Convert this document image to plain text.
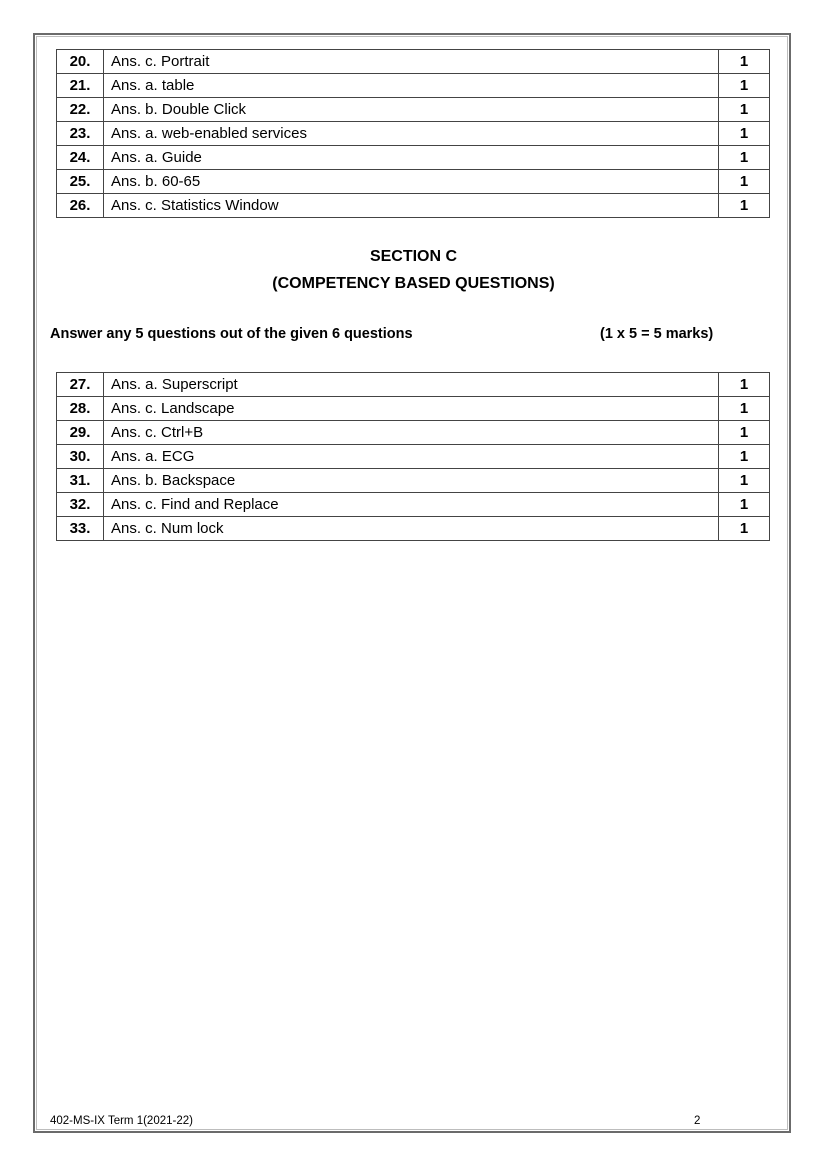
20.	Ans. c. Portrait	1
21.	Ans. a. table	1
22.	Ans. b. Double Click	1
23.	Ans. a. web-enabled services	1
24.	Ans. a. Guide	1
25.	Ans. b. 60-65	1
26.	Ans. c. Statistics Window	1
SECTION C
(COMPETENCY BASED QUESTIONS)
Answer any 5 questions out of the given 6 questions	(1 x 5 = 5 marks)
27.	Ans. a. Superscript	1
28.	Ans. c. Landscape	1
29.	Ans. c. Ctrl+B	1
30.	Ans. a. ECG	1
31.	Ans. b. Backspace	1
32.	Ans. c. Find and Replace	1
33.	Ans. c. Num lock	1
402-MS-IX Term 1(2021-22)	2
